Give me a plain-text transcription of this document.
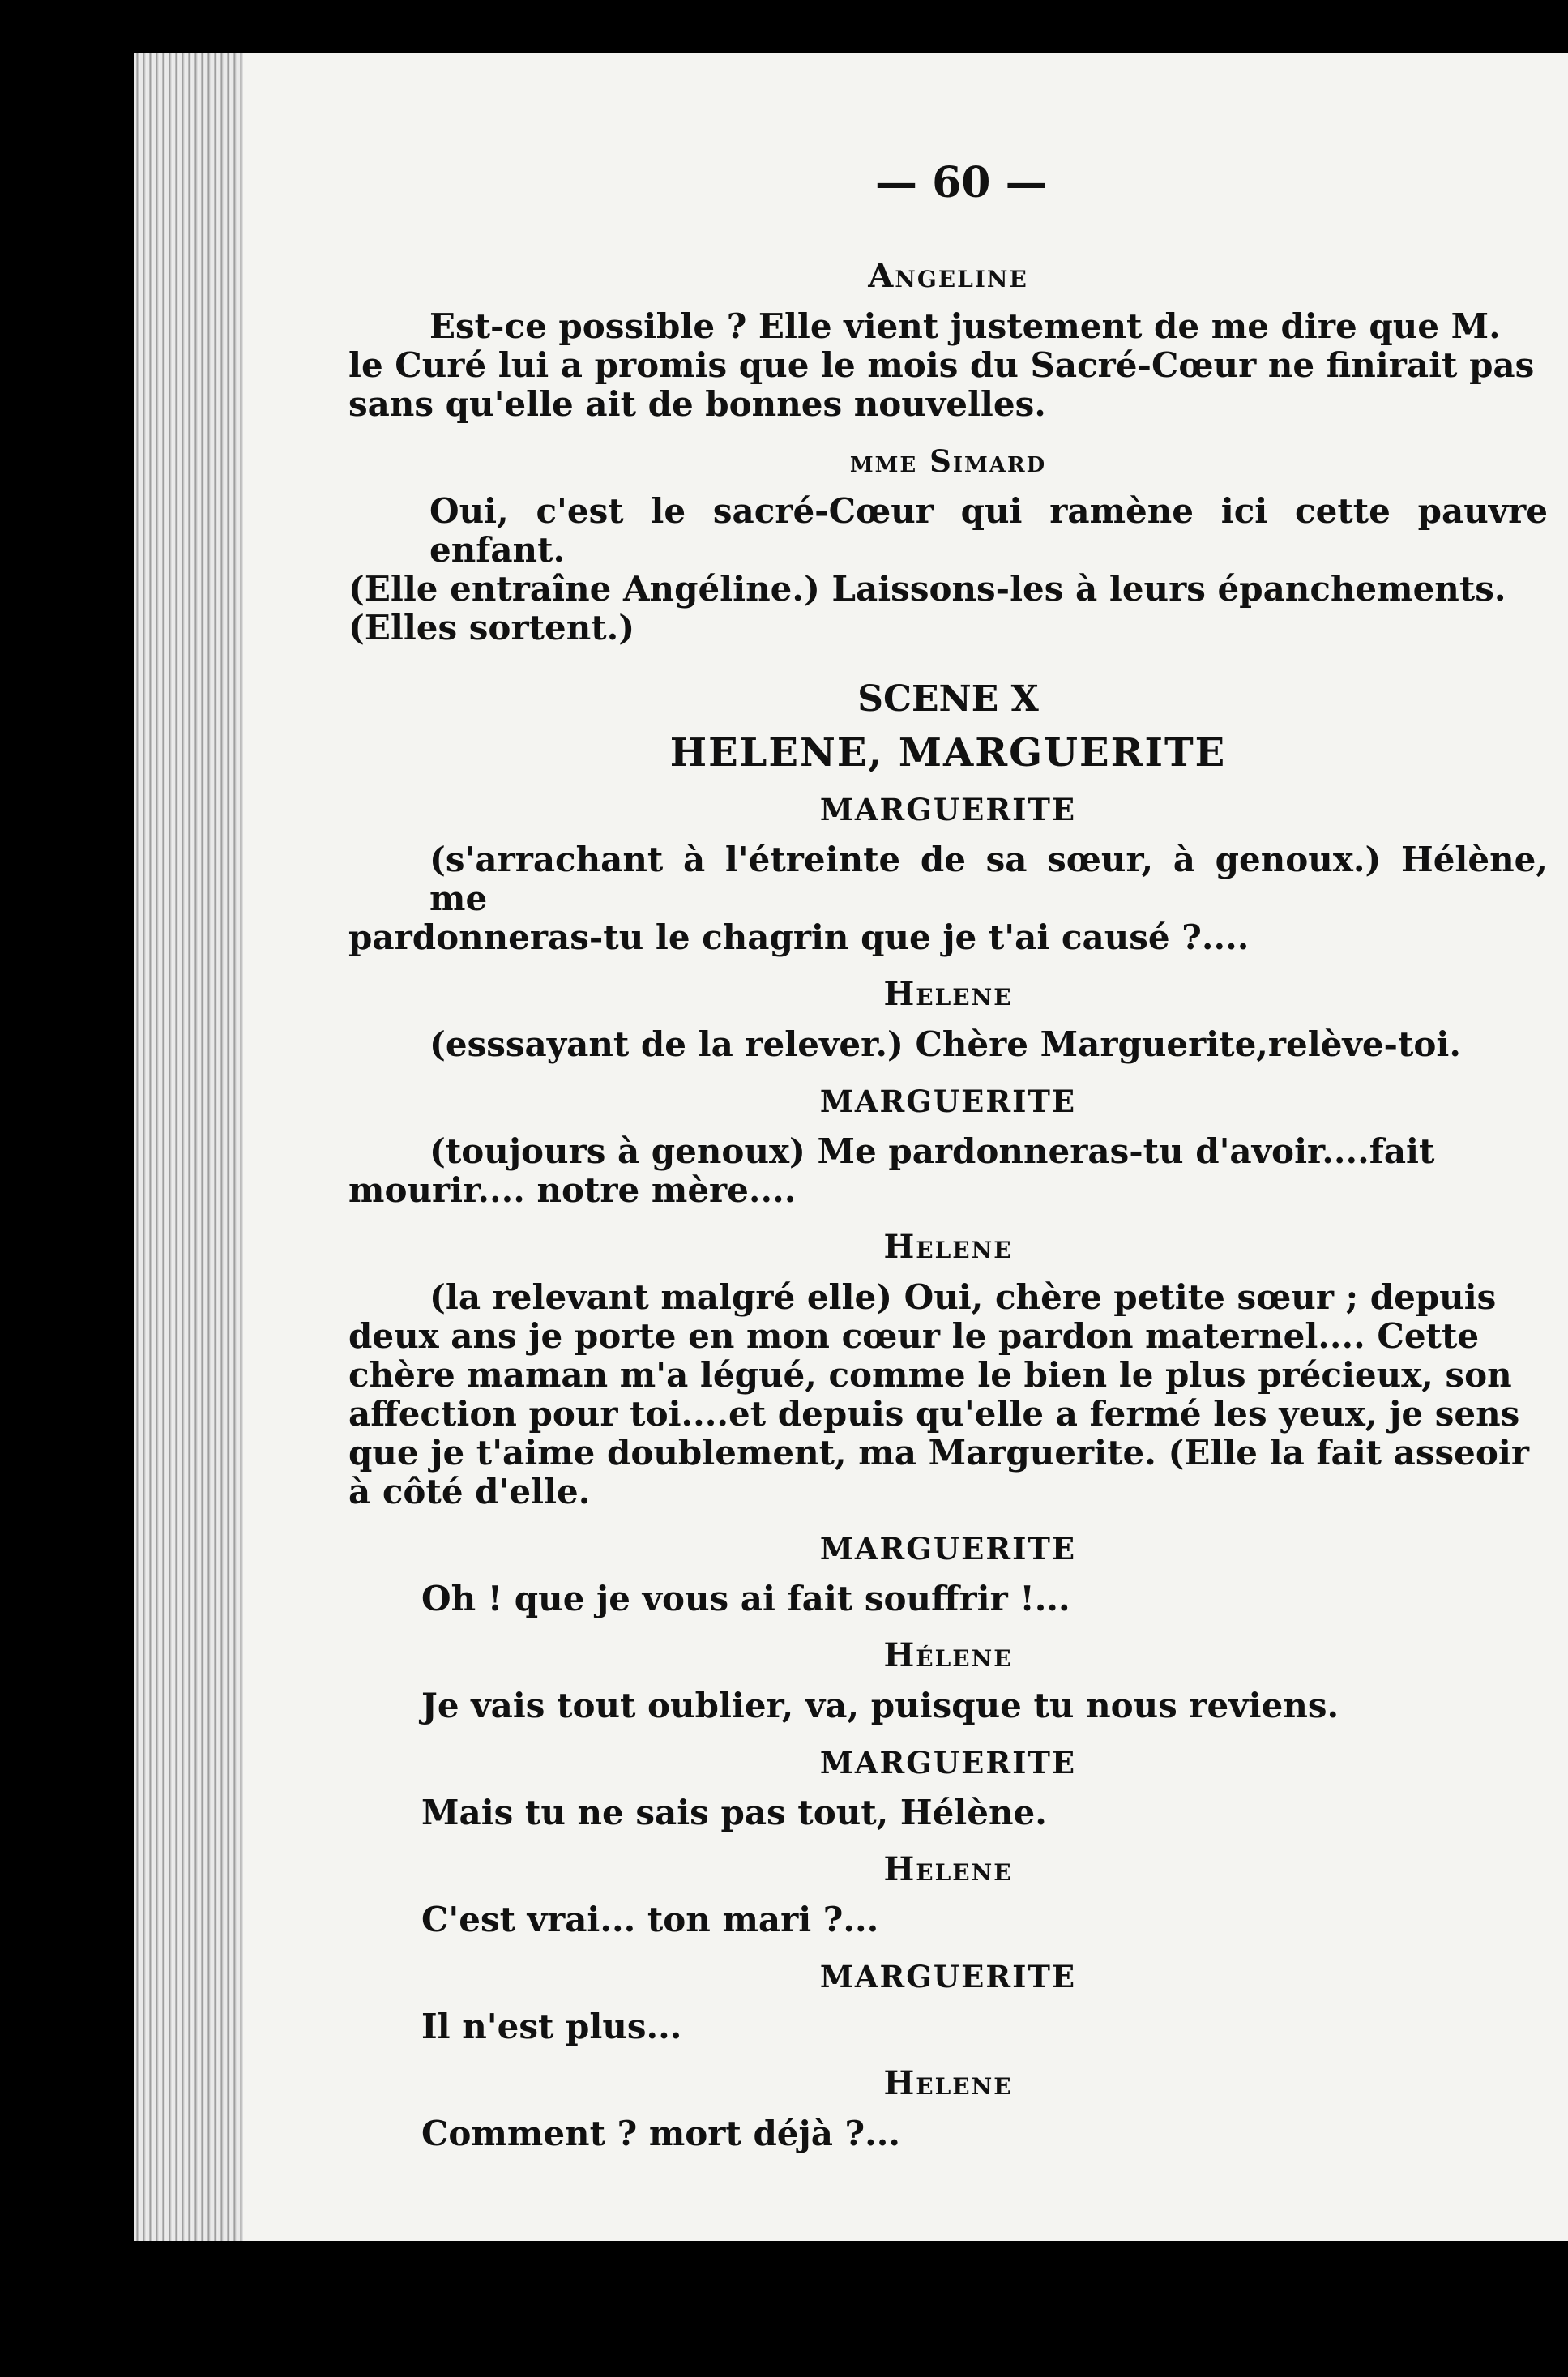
— 60 —
Angeline
Est-ce possible ? Elle vient justement de me dire que M.
le Curé lui a promis que le mois du Sacré-Cœur ne finirait pas
sans qu'elle ait de bonnes nouvelles.
mme Simard
Oui, c'est le sacré-Cœur qui ramène ici cette pauvre enfant.
(Elle entraîne Angéline.) Laissons-les à leurs épanchements.
(Elles sortent.)
SCENE X
HELENE, MARGUERITE
MARGUERITE
(s'arrachant à l'étreinte de sa sœur, à genoux.) Hélène, me
pardonneras-tu le chagrin que je t'ai causé ?....
Helene
(esssayant de la relever.) Chère Marguerite,relève-toi.
MARGUERITE
(toujours à genoux) Me pardonneras-tu d'avoir....fait
mourir.... notre mère....
Helene
(la relevant malgré elle) Oui, chère petite sœur ; depuis
deux ans je porte en mon cœur le pardon maternel.... Cette
chère maman m'a légué, comme le bien le plus précieux, son
affection pour toi....et depuis qu'elle a fermé les yeux, je sens
que je t'aime doublement, ma Marguerite. (Elle la fait asseoir
à côté d'elle.
MARGUERITE
Oh ! que je vous ai fait souffrir !...
Hélene
Je vais tout oublier, va, puisque tu nous reviens.
MARGUERITE
Mais tu ne sais pas tout, Hélène.
Helene
C'est vrai... ton mari ?...
MARGUERITE
Il n'est plus...
Helene
Comment ? mort déjà ?...
